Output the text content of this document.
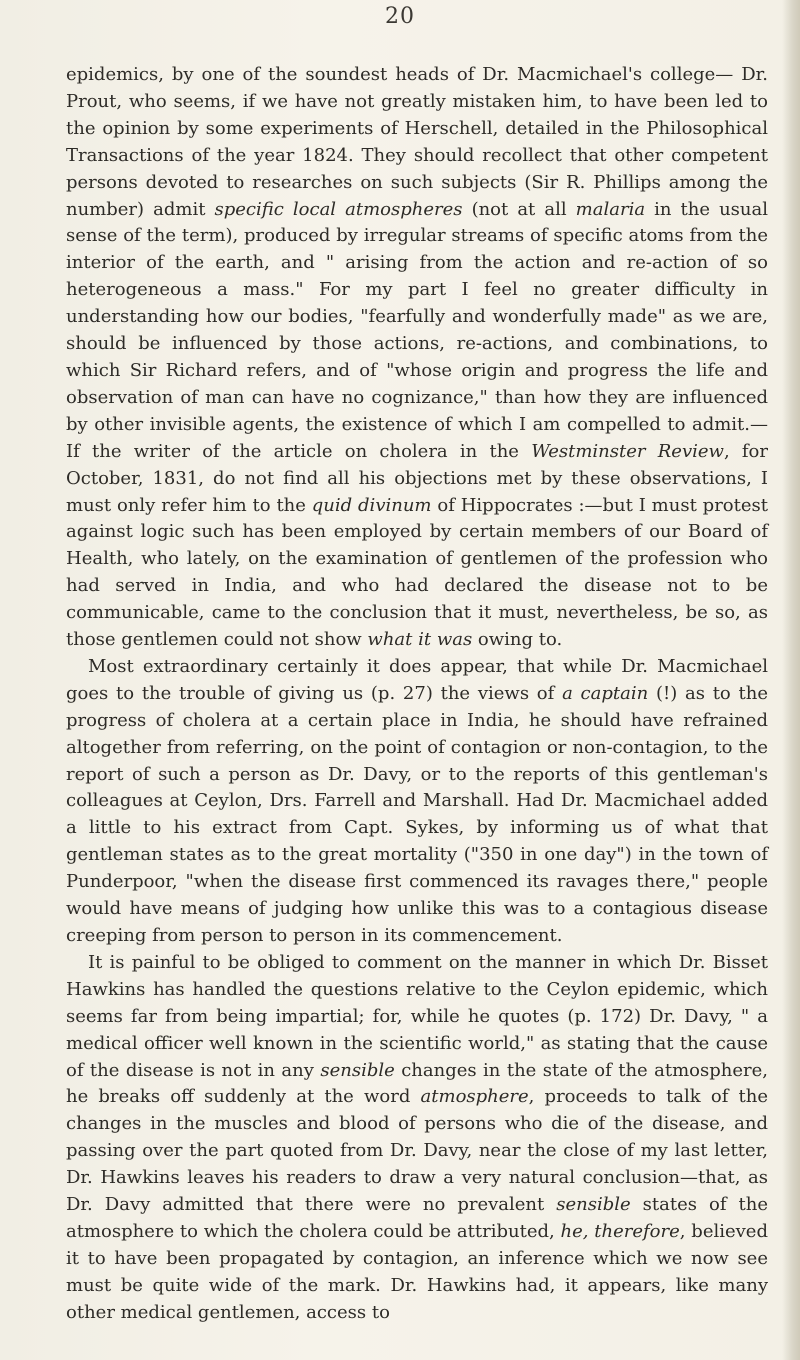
20

epidemics, by one of the soundest heads of Dr. Macmichael's college— Dr. Prout, who seems, if we have not greatly mistaken him, to have been led to the opinion by some experiments of Herschell, detailed in the Philosophical Transactions of the year 1824. They should recollect that other competent persons devoted to researches on such subjects (Sir R. Phillips among the number) admit specific local atmospheres (not at all malaria in the usual sense of the term), produced by irregular streams of specific atoms from the interior of the earth, and " arising from the action and re-action of so heterogeneous a mass." For my part I feel no greater difficulty in understanding how our bodies, "fearfully and wonderfully made" as we are, should be influenced by those actions, re-actions, and combinations, to which Sir Richard refers, and of "whose origin and progress the life and observation of man can have no cognizance," than how they are influenced by other invisible agents, the existence of which I am compelled to admit.—If the writer of the article on cholera in the Westminster Review, for October, 1831, do not find all his objections met by these observations, I must only refer him to the quid divinum of Hippocrates :—but I must protest against logic such has been employed by certain members of our Board of Health, who lately, on the examination of gentlemen of the profession who had served in India, and who had declared the disease not to be communicable, came to the conclusion that it must, nevertheless, be so, as those gentlemen could not show what it was owing to.

Most extraordinary certainly it does appear, that while Dr. Macmichael goes to the trouble of giving us (p. 27) the views of a captain (!) as to the progress of cholera at a certain place in India, he should have refrained altogether from referring, on the point of contagion or non-contagion, to the report of such a person as Dr. Davy, or to the reports of this gentleman's colleagues at Ceylon, Drs. Farrell and Marshall. Had Dr. Macmichael added a little to his extract from Capt. Sykes, by informing us of what that gentleman states as to the great mortality ("350 in one day") in the town of Punderpoor, "when the disease first commenced its ravages there," people would have means of judging how unlike this was to a contagious disease creeping from person to person in its commencement.

It is painful to be obliged to comment on the manner in which Dr. Bisset Hawkins has handled the questions relative to the Ceylon epidemic, which seems far from being impartial; for, while he quotes (p. 172) Dr. Davy, " a medical officer well known in the scientific world," as stating that the cause of the disease is not in any sensible changes in the state of the atmosphere, he breaks off suddenly at the word atmosphere, proceeds to talk of the changes in the muscles and blood of persons who die of the disease, and passing over the part quoted from Dr. Davy, near the close of my last letter, Dr. Hawkins leaves his readers to draw a very natural conclusion—that, as Dr. Davy admitted that there were no prevalent sensible states of the atmosphere to which the cholera could be attributed, he, therefore, believed it to have been propagated by contagion, an inference which we now see must be quite wide of the mark. Dr. Hawkins had, it appears, like many other medical gentlemen, access to
